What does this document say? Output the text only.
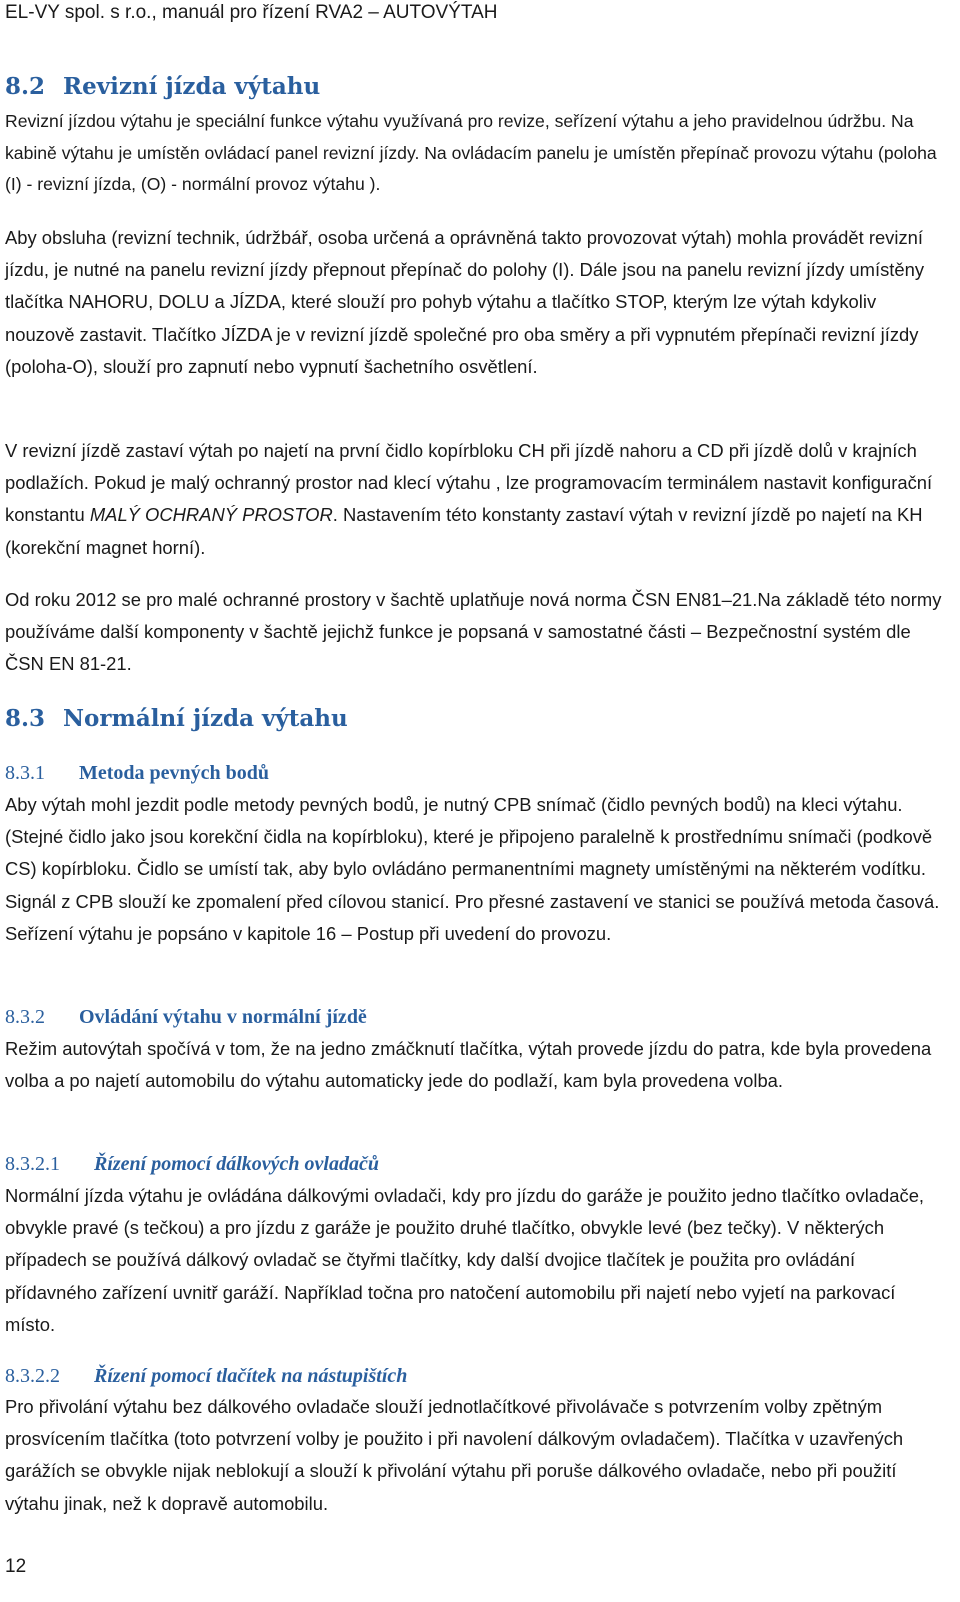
EL-VY spol. s r.o., manuál pro řízení RVA2 – AUTOVÝTAH
8.2 Revizní jízda výtahu

Revizní jízdou výtahu je speciální funkce výtahu využívaná pro revize, seřízení výtahu a jeho pravidelnou údržbu. Na kabině výtahu je umístěn ovládací panel revizní jízdy. Na ovládacím panelu je umístěn přepínač provozu výtahu (poloha (I) - revizní jízda, (O) - normální provoz výtahu ).

Aby obsluha (revizní technik, údržbář, osoba určená a oprávněná takto provozovat výtah) mohla provádět revizní jízdu, je nutné na panelu revizní jízdy přepnout přepínač do polohy (I). Dále jsou na panelu revizní jízdy umístěny tlačítka NAHORU, DOLU a JÍZDA, které slouží pro pohyb výtahu a tlačítko STOP, kterým lze výtah kdykoliv nouzově zastavit. Tlačítko JÍZDA je v revizní jízdě společné pro oba směry a při vypnutém přepínači revizní jízdy (poloha-O), slouží pro zapnutí nebo vypnutí šachetního osvětlení.

V revizní jízdě zastaví výtah po najetí na první čidlo kopírbloku CH při jízdě nahoru a CD při jízdě dolů v krajních podlažích. Pokud je malý ochranný prostor nad klecí výtahu , lze programovacím terminálem nastavit konfigurační konstantu MALÝ OCHRANÝ PROSTOR. Nastavením této konstanty zastaví výtah v revizní jízdě po najetí na KH (korekční magnet horní).

Od roku 2012 se pro malé ochranné prostory v šachtě uplatňuje nová norma ČSN EN81–21.Na základě této normy používáme další komponenty v šachtě jejichž funkce je popsaná v samostatné části – Bezpečnostní systém dle ČSN EN 81-21.

8.3 Normální jízda výtahu
8.3.1 Metoda pevných bodů

Aby výtah mohl jezdit podle metody pevných bodů, je nutný CPB snímač (čidlo pevných bodů) na kleci výtahu. (Stejné čidlo jako jsou korekční čidla na kopírbloku), které je připojeno paralelně k prostřednímu snímači (podkově CS) kopírbloku. Čidlo se umístí tak, aby bylo ovládáno permanentními magnety umístěnými na některém vodítku. Signál z CPB slouží ke zpomalení před cílovou stanicí. Pro přesné zastavení ve stanici se používá metoda časová. Seřízení výtahu je popsáno v kapitole 16 – Postup při uvedení do provozu.

8.3.2 Ovládání výtahu v normální jízdě

Režim autovýtah spočívá v tom, že na jedno zmáčknutí tlačítka, výtah provede jízdu do patra, kde byla provedena volba a po najetí automobilu do výtahu automaticky jede do podlaží, kam byla provedena volba.

8.3.2.1 Řízení pomocí dálkových ovladačů

Normální jízda výtahu je ovládána dálkovými ovladači, kdy pro jízdu do garáže je použito jedno tlačítko ovladače, obvykle pravé (s tečkou) a pro jízdu z garáže je použito druhé tlačítko, obvykle levé (bez tečky). V některých případech se používá dálkový ovladač se čtyřmi tlačítky, kdy další dvojice tlačítek je použita pro ovládání přídavného zařízení uvnitř garáží. Například točna pro natočení automobilu při najetí nebo vyjetí na parkovací místo.

8.3.2.2 Řízení pomocí tlačítek na nástupištích

Pro přivolání výtahu bez dálkového ovladače slouží jednotlačítkové přivolávače s potvrzením volby zpětným prosvícením tlačítka (toto potvrzení volby je použito i při navolení dálkovým ovladačem). Tlačítka v uzavřených garážích se obvykle nijak neblokují a slouží k přivolání výtahu při poruše dálkového ovladače, nebo při použití výtahu jinak, než k dopravě automobilu.

12
